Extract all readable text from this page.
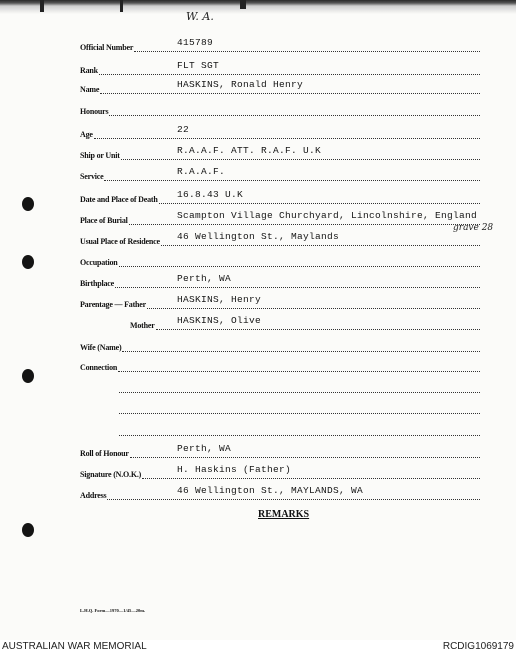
W. A.
Official Number	415789
Rank	FLT SGT
Name	HASKINS, Ronald Henry
Honours
Age	22
Ship or Unit	R.A.A.F. ATT. R.A.F. U.K
Service	R.A.A.F.
Date and Place of Death 16.8.43 U.K
Place of Burial	Scampton Village Churchyard, Lincolnshire, England
Usual Place of Residence 46 Wellington St., Maylands
Occupation
Birthplace	Perth, WA
Parentage — Father	HASKINS, Henry
Mother HASKINS, Olive
Wife (Name)
Connection
Roll of Honour	Perth, WA
Signature (N.O.K.)	H. Haskins (Father)
Address	46 Wellington St., MAYLANDS, WA
grave 28
REMARKS
L.H.Q. Form—1970—1/45—20m.
AUSTRALIAN WAR MEMORIAL	RCDIG1069179
